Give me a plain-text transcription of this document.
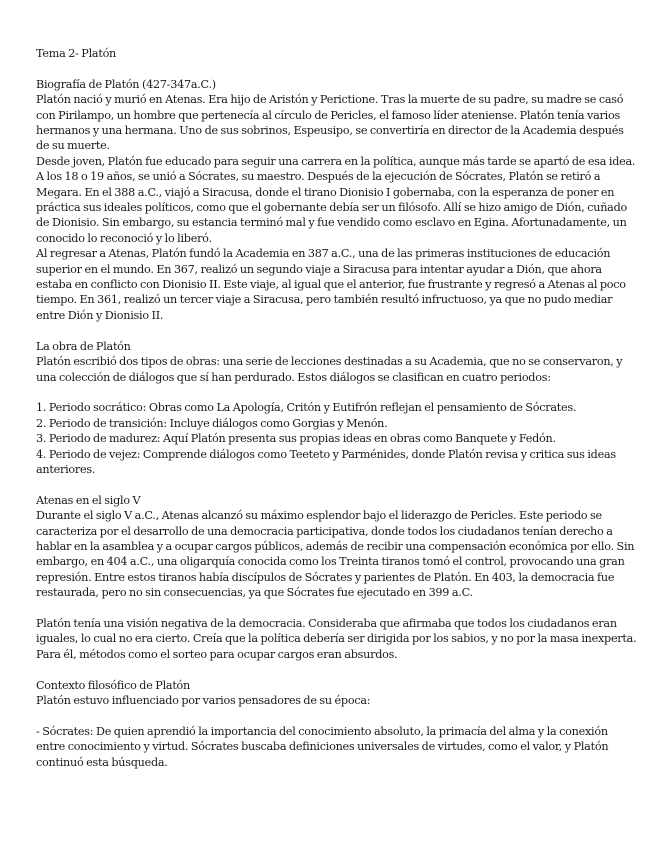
Tema 2- Platón
Biografía de Platón (427-347a.C.)
Platón nació y murió en Atenas. Era hijo de Aristón y Perictione. Tras la muerte de su padre, su madre se casó
con Pirilampo, un hombre que pertenecía al círculo de Pericles, el famoso líder ateniense. Platón tenía varios
hermanos y una hermana. Uno de sus sobrinos, Espeusipo, se convertiría en director de la Academia después
de su muerte.
Desde joven, Platón fue educado para seguir una carrera en la política, aunque más tarde se apartó de esa idea.
A los 18 o 19 años, se unió a Sócrates, su maestro. Después de la ejecución de Sócrates, Platón se retiró a
Megara. En el 388 a.C., viajó a Siracusa, donde el tirano Dionisio I gobernaba, con la esperanza de poner en
práctica sus ideales políticos, como que el gobernante debía ser un filósofo. Allí se hizo amigo de Dión, cuñado
de Dionisio. Sin embargo, su estancia terminó mal y fue vendido como esclavo en Egina. Afortunadamente, un
conocido lo reconoció y lo liberó.
Al regresar a Atenas, Platón fundó la Academia en 387 a.C., una de las primeras instituciones de educación
superior en el mundo. En 367, realizó un segundo viaje a Siracusa para intentar ayudar a Dión, que ahora
estaba en conflicto con Dionisio II. Este viaje, al igual que el anterior, fue frustrante y regresó a Atenas al poco
tiempo. En 361, realizó un tercer viaje a Siracusa, pero también resultó infructuoso, ya que no pudo mediar
entre Dión y Dionisio II.
La obra de Platón
Platón escribió dos tipos de obras: una serie de lecciones destinadas a su Academia, que no se conservaron, y
una colección de diálogos que sí han perdurado. Estos diálogos se clasifican en cuatro periodos:
1. Periodo socrático: Obras como La Apología, Critón y Eutifrón reflejan el pensamiento de Sócrates.
2. Periodo de transición: Incluye diálogos como Gorgias y Menón.
3. Periodo de madurez: Aquí Platón presenta sus propias ideas en obras como Banquete y Fedón.
4. Periodo de vejez: Comprende diálogos como Teeteto y Parménides, donde Platón revisa y critica sus ideas
anteriores.
Atenas en el siglo V
Durante el siglo V a.C., Atenas alcanzó su máximo esplendor bajo el liderazgo de Pericles. Este periodo se
caracteriza por el desarrollo de una democracia participativa, donde todos los ciudadanos tenían derecho a
hablar en la asamblea y a ocupar cargos públicos, además de recibir una compensación económica por ello. Sin
embargo, en 404 a.C., una oligarquía conocida como los Treinta tiranos tomó el control, provocando una gran
represión. Entre estos tiranos había discípulos de Sócrates y parientes de Platón. En 403, la democracia fue
restaurada, pero no sin consecuencias, ya que Sócrates fue ejecutado en 399 a.C.
Platón tenía una visión negativa de la democracia. Consideraba que afirmaba que todos los ciudadanos eran
iguales, lo cual no era cierto. Creía que la política debería ser dirigida por los sabios, y no por la masa inexperta.
Para él, métodos como el sorteo para ocupar cargos eran absurdos.
Contexto filosófico de Platón
Platón estuvo influenciado por varios pensadores de su época:
- Sócrates: De quien aprendió la importancia del conocimiento absoluto, la primacía del alma y la conexión
entre conocimiento y virtud. Sócrates buscaba definiciones universales de virtudes, como el valor, y Platón
continuó esta búsqueda.
